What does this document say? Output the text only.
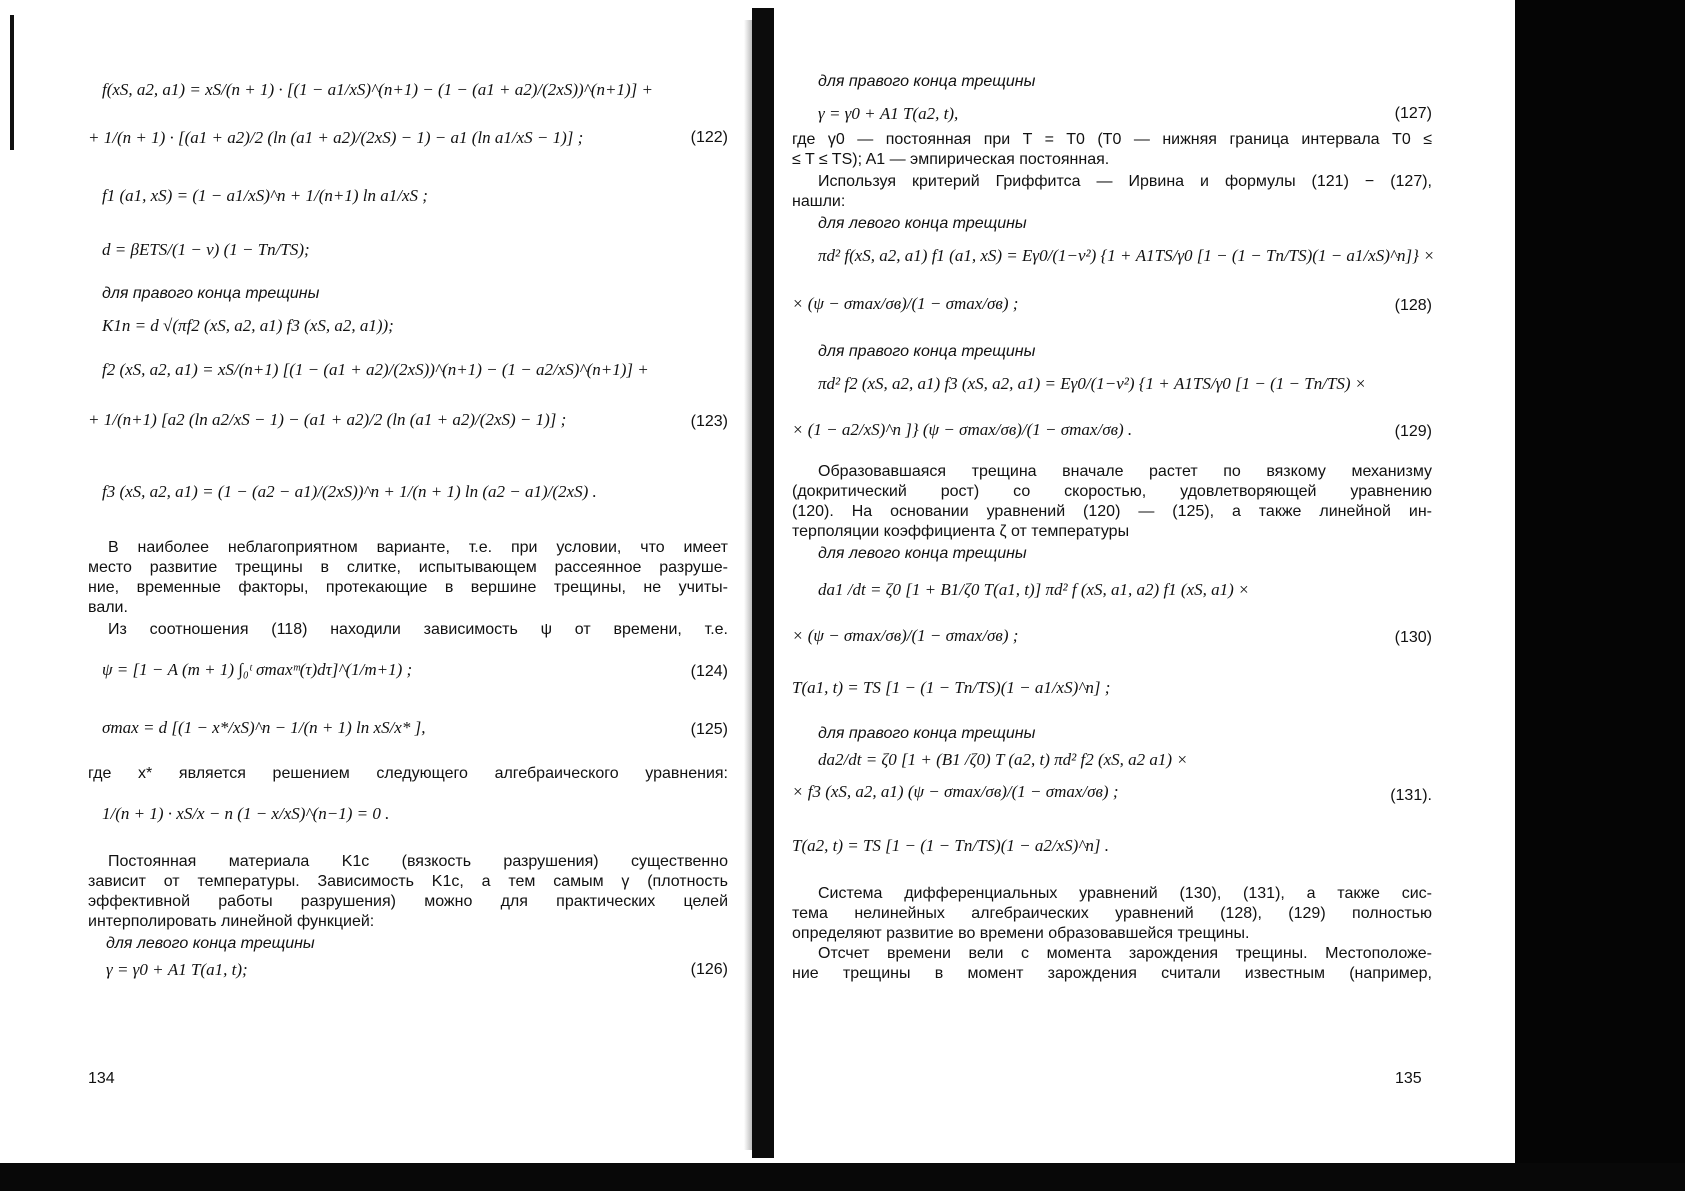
f(xS, a2, a1) = xS/(n + 1) · [(1 − a1/xS)^(n+1) − (1 − (a1 + a2)/(2xS))^(n+1)] +
+ 1/(n + 1) · [(a1 + a2)/2 (ln (a1 + a2)/(2xS) − 1) − a1 (ln a1/xS − 1)] ;
f1 (a1, xS) = (1 − a1/xS)^n + 1/(n+1) ln a1/xS ;
d = βETS/(1 − ν) (1 − Tп/TS);
для правого конца трещины
K1n = d √(πf2 (xS, a2, a1) f3 (xS, a2, a1));
f2 (xS, a2, a1) = xS/(n+1) [(1 − (a1 + a2)/(2xS))^(n+1) − (1 − a2/xS)^(n+1)] +
+ 1/(n+1) [a2 (ln a2/xS − 1) − (a1 + a2)/2 (ln (a1 + a2)/(2xS) − 1)] ;
f3 (xS, a2, a1) = (1 − (a2 − a1)/(2xS))^n + 1/(n + 1) ln (a2 − a1)/(2xS) .
В наиболее неблагоприятном варианте, т.е. при условии, что имеет
место развитие трещины в слитке, испытывающем рассеянное разруше-
ние, временные факторы, протекающие в вершине трещины, не учиты-
вали.
Из соотношения (118) находили зависимость ψ от времени, т.е.
ψ = [1 − A (m + 1) ∫₀ᵗ σmaxᵐ(τ)dτ]^(1/m+1) ;
σmax = d [(1 − x*/xS)^n − 1/(n + 1) ln xS/x* ],
где x* является решением следующего алгебраического уравнения:
1/(n + 1) · xS/x − n (1 − x/xS)^(n−1) = 0 .
Постоянная материала K1c (вязкость разрушения) существенно
зависит от температуры. Зависимость K1c, а тем самым γ (плотность
эффективной работы разрушения) можно для практических целей
интерполировать линейной функцией:
для левого конца трещины
γ = γ0 + A1 T(a1, t);
(122)
(123)
(124)
(125)
(126)
для правого конца трещины
γ = γ0 + A1 T(a2, t),
где γ0 — постоянная при T = T0 (T0 — нижняя граница интервала T0 ≤
≤ T ≤ TS); A1 — эмпирическая постоянная.
Используя критерий Гриффитса — Ирвина и формулы (121) − (127),
нашли:
для левого конца трещины
πd² f(xS, a2, a1) f1 (a1, xS) = Eγ0/(1−ν²) {1 + A1TS/γ0 [1 − (1 − Tп/TS)(1 − a1/xS)^n]} ×
× (ψ − σmax/σв)/(1 − σmax/σв) ;
для правого конца трещины
πd² f2 (xS, a2, a1) f3 (xS, a2, a1) = Eγ0/(1−ν²) {1 + A1TS/γ0 [1 − (1 − Tп/TS) ×
× (1 − a2/xS)^n ]} (ψ − σmax/σв)/(1 − σmax/σв) .
Образовавшаяся трещина вначале растет по вязкому механизму
(докритический рост) со скоростью, удовлетворяющей уравнению
(120). На основании уравнений (120) — (125), а также линейной ин-
терполяции коэффициента ζ от температуры
для левого конца трещины
da1 /dt = ζ0 [1 + B1/ζ0 T(a1, t)] πd² f (xS, a1, a2) f1 (xS, a1) ×
× (ψ − σmax/σв)/(1 − σmax/σв) ;
T(a1, t) = TS [1 − (1 − Tп/TS)(1 − a1/xS)^n] ;
для правого конца трещины
da2/dt = ζ0 [1 + (B1 /ζ0) T (a2, t) πd² f2 (xS, a2 a1) ×
× f3 (xS, a2, a1) (ψ − σmax/σв)/(1 − σmax/σв) ;
T(a2, t) = TS [1 − (1 − Tп/TS)(1 − a2/xS)^n] .
Система дифференциальных уравнений (130), (131), а также сис-
тема нелинейных алгебраических уравнений (128), (129) полностью
определяют развитие во времени образовавшейся трещины.
Отсчет времени вели с момента зарождения трещины. Местоположе-
ние трещины в момент зарождения считали известным (например,
(127)
(128)
(129)
(130)
(131).
134	135
